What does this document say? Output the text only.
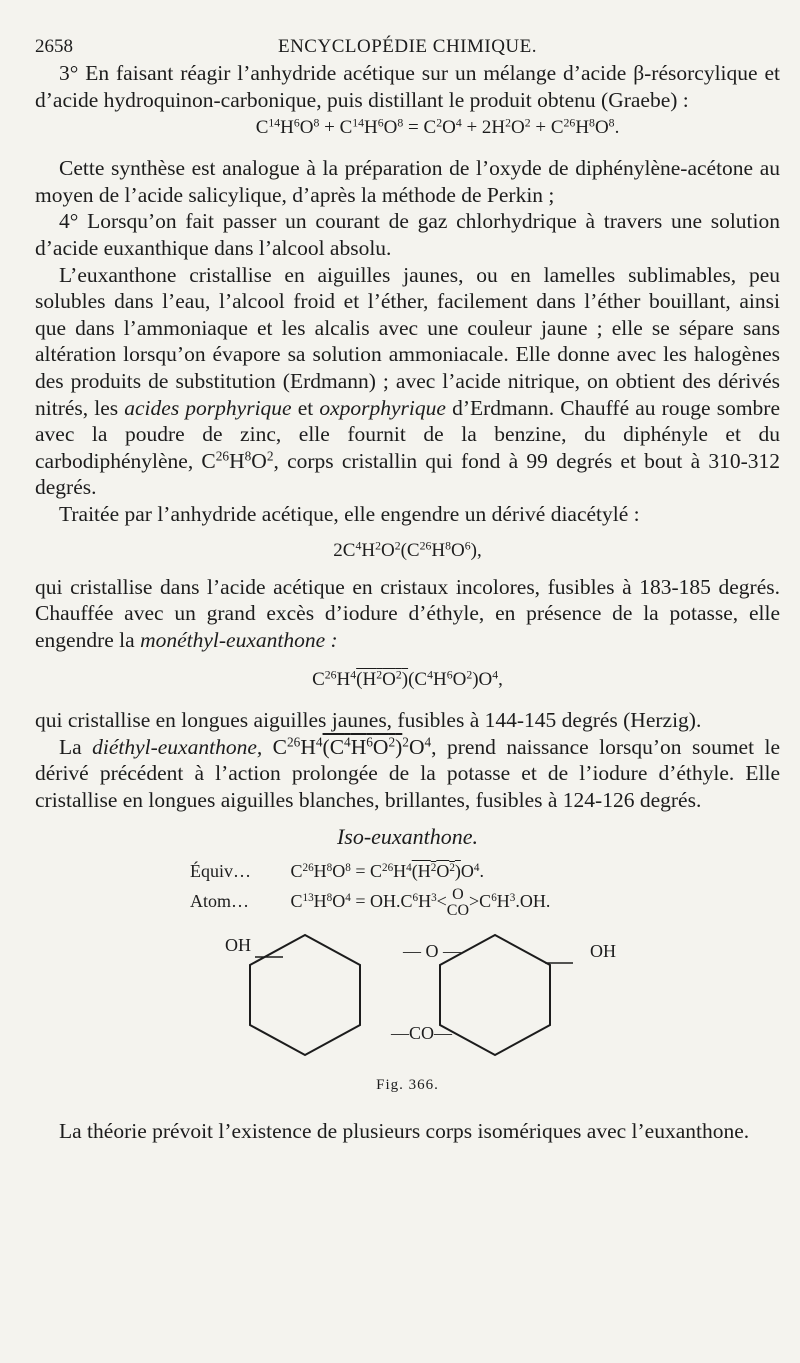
2658	ENCYCLOPÉDIE CHIMIQUE.

3° En faisant réagir l’anhydride acétique sur un mélange d’acide β-résorcylique et d’acide hydroquinon-carbonique, puis distillant le produit obtenu (Graebe) :

$C^{14}H^6O^8 + C^{14}H^6O^8 = C^2O^4 + 2H^2O^2 + C^{26}H^8O^8$.

Cette synthèse est analogue à la préparation de l’oxyde de diphénylène-acétone au moyen de l’acide salicylique, d’après la méthode de Perkin ;

4° Lorsqu’on fait passer un courant de gaz chlorhydrique à travers une solution d’acide euxanthique dans l’alcool absolu.

L’euxanthone cristallise en aiguilles jaunes, ou en lamelles sublimables, peu solubles dans l’eau, l’alcool froid et l’éther, facilement dans l’éther bouillant, ainsi que dans l’ammoniaque et les alcalis avec une couleur jaune ; elle se sépare sans altération lorsqu’on évapore sa solution ammoniacale. Elle donne avec les halogènes des produits de substitution (Erdmann) ; avec l’acide nitrique, on obtient des dérivés nitrés, les acides porphyrique et oxporphyrique d’Erdmann. Chauffé au rouge sombre avec la poudre de zinc, elle fournit de la benzine, du diphényle et du carbodiphénylène, $C^{26}H^8O^2$, corps cristallin qui fond à 99 degrés et bout à 310-312 degrés.

Traitée par l’anhydride acétique, elle engendre un dérivé diacétylé :

$2C^4H^2O^2(C^{26}H^8O^6)$,

qui cristallise dans l’acide acétique en cristaux incolores, fusibles à 183-185 degrés. Chauffée avec un grand excès d’iodure d’éthyle, en présence de la potasse, elle engendre la monéthyl-euxanthone :

$C^{26}H^4(H^2O^2)(C^4H^6O^2)O^4$,

qui cristallise en longues aiguilles jaunes, fusibles à 144-145 degrés (Herzig).

La diéthyl-euxanthone, $C^{26}H^4(C^4H^6O^2)^2O^4$, prend naissance lorsqu’on soumet le dérivé précédent à l’action prolongée de la potasse et de l’iodure d’éthyle. Elle cristallise en longues aiguilles blanches, brillantes, fusibles à 124-126 degrés.

Iso-euxanthone.
Équiv… $C^{26}H^8O^8 = C^{26}H^4(H^2O^2)O^4$.
Atom… $C^{13}H^8O^4 = OH.C^6H^3< O$
$CO>C^6H^3.OH$.
OH	OH
— O —
—CO—
Fig. 366.

La théorie prévoit l’existence de plusieurs corps isomériques avec l’euxanthone.
